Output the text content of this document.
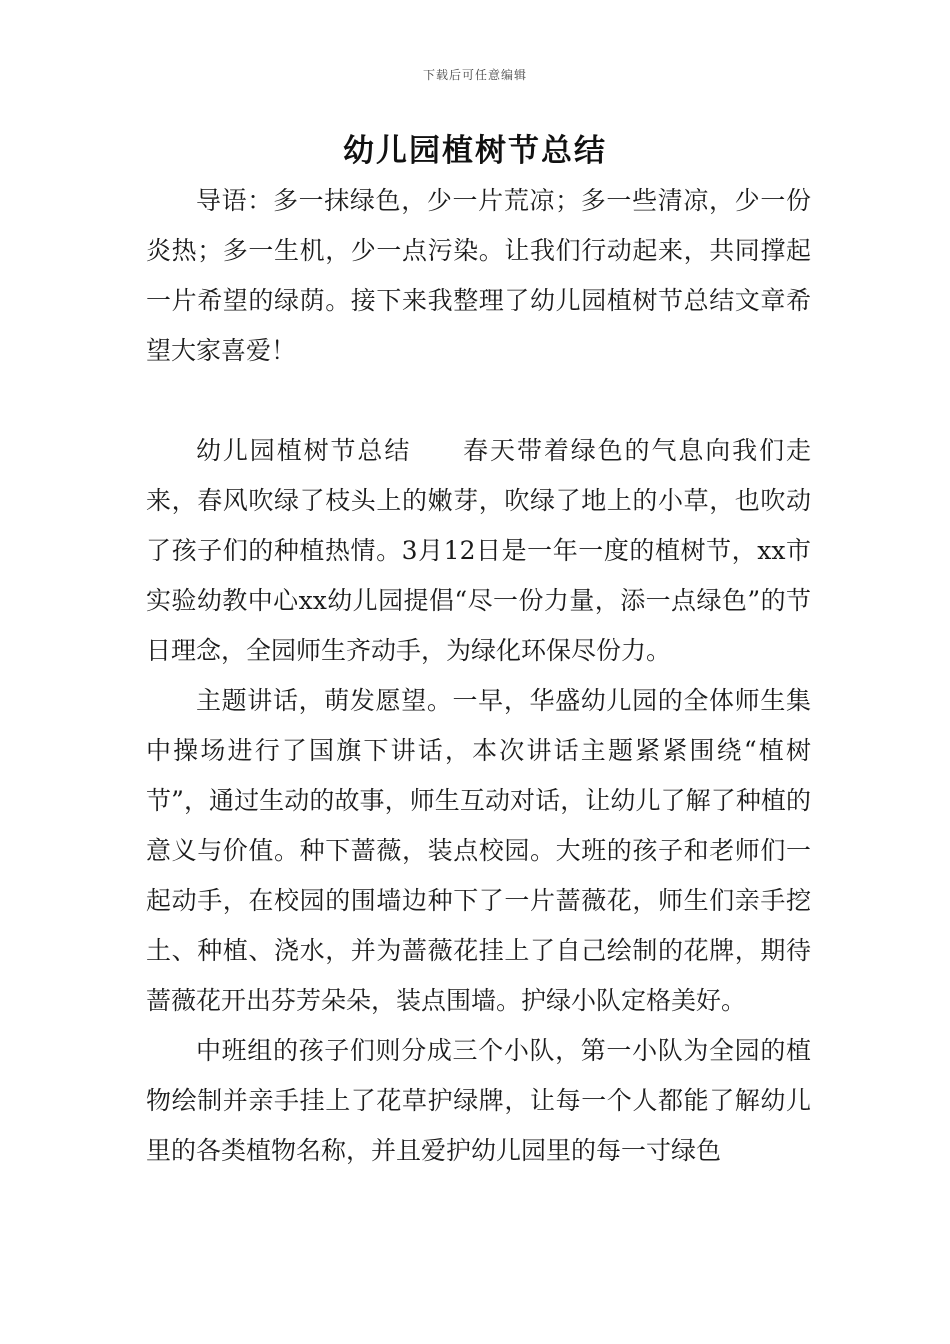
下载后可任意编辑
幼儿园植树节总结

导语：多一抹绿色，少一片荒凉；多一些清凉，少一份炎热；多一生机，少一点污染。让我们行动起来，共同撑起一片希望的绿荫。接下来我整理了幼儿园植树节总结文章希望大家喜爱！

幼儿园植树节总结 春天带着绿色的气息向我们走来，春风吹绿了枝头上的嫩芽，吹绿了地上的小草，也吹动了孩子们的种植热情。3月12日是一年一度的植树节，xx市实验幼教中心xx幼儿园提倡“尽一份力量，添一点绿色”的节日理念，全园师生齐动手，为绿化环保尽份力。

主题讲话，萌发愿望。一早，华盛幼儿园的全体师生集中操场进行了国旗下讲话，本次讲话主题紧紧围绕“植树节”，通过生动的故事，师生互动对话，让幼儿了解了种植的意义与价值。种下蔷薇，装点校园。大班的孩子和老师们一起动手，在校园的围墙边种下了一片蔷薇花，师生们亲手挖土、种植、浇水，并为蔷薇花挂上了自己绘制的花牌，期待蔷薇花开出芬芳朵朵，装点围墙。护绿小队定格美好。

中班组的孩子们则分成三个小队，第一小队为全园的植物绘制并亲手挂上了花草护绿牌，让每一个人都能了解幼儿里的各类植物名称，并且爱护幼儿园里的每一寸绿色
